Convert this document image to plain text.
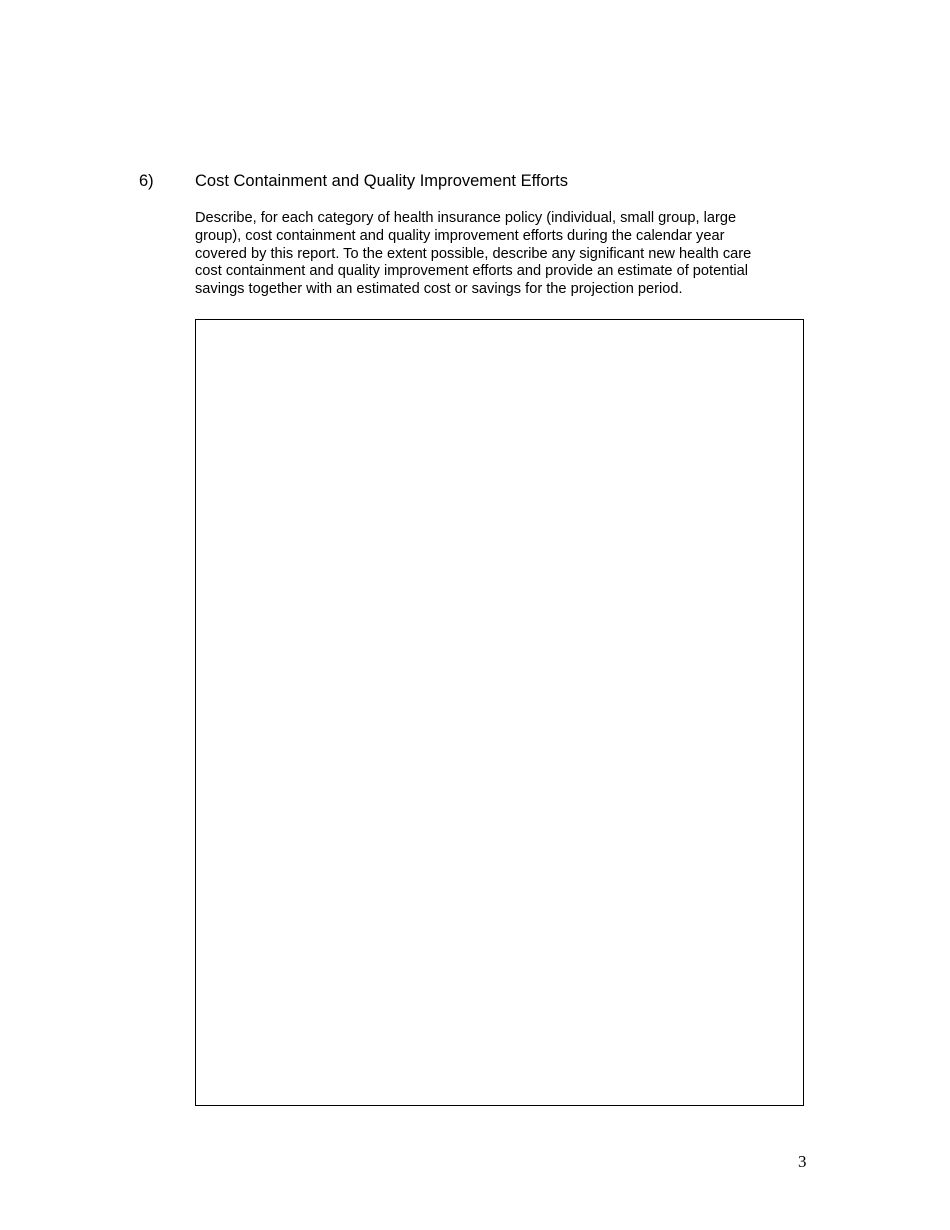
6)	Cost Containment and Quality Improvement Efforts

Describe, for each category of health insurance policy (individual, small group, large
group), cost containment and quality improvement efforts during the calendar year
covered by this report. To the extent possible, describe any significant new health care
cost containment and quality improvement efforts and provide an estimate of potential
savings together with an estimated cost or savings for the projection period.

3
